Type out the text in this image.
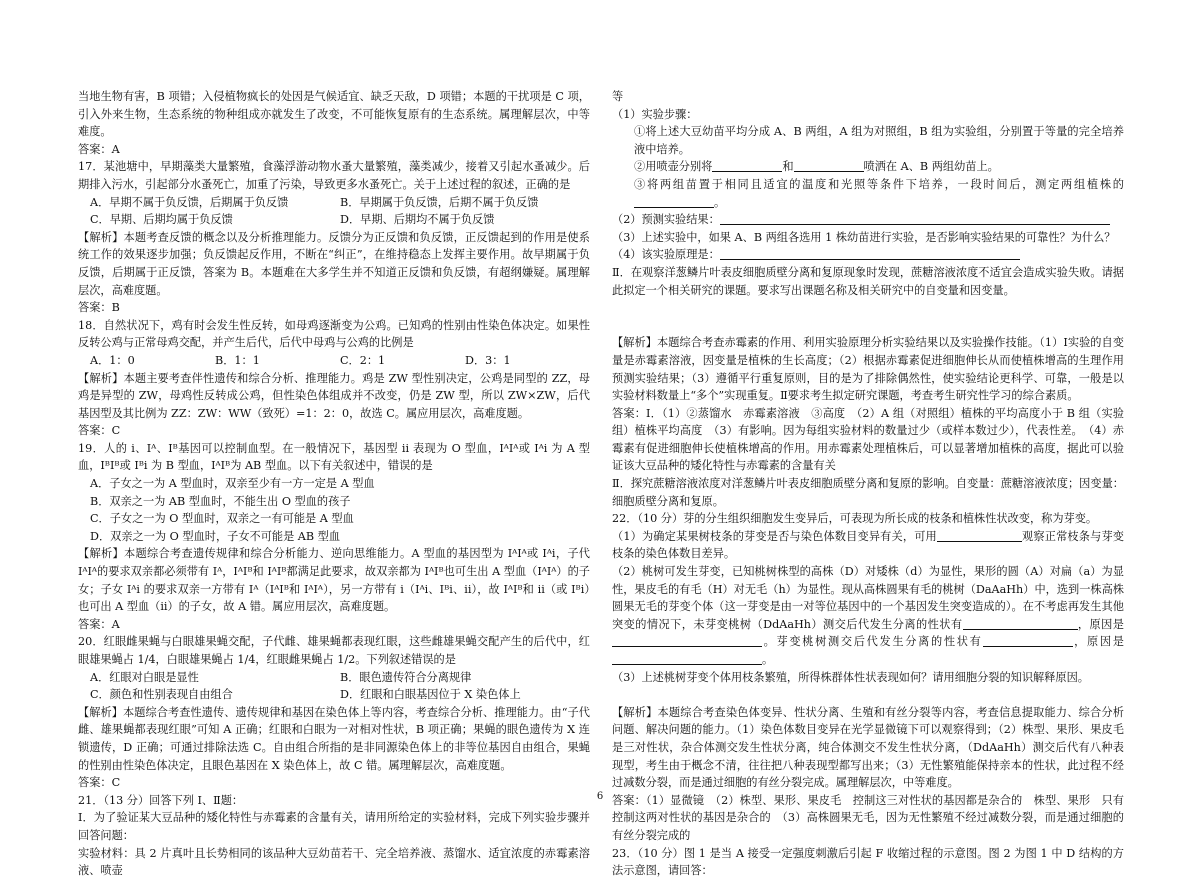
当地生物有害，B 项错；入侵植物疯长的处因是气候适宜、缺乏天敌，D 项错；本题的干扰项是 C 项，引入外来生物，生态系统的物种组成亦就发生了改变，不可能恢复原有的生态系统。属理解层次，中等难度。

答案：A

17．某池塘中，早期藻类大量繁殖，食藻浮游动物水蚤大量繁殖，藻类减少，接着又引起水蚤减少。后期排入污水，引起部分水蚤死亡，加重了污染，导致更多水蚤死亡。关于上述过程的叙述，正确的是

A．早期不属于负反馈，后期属于负反馈	B．早期属于负反馈，后期不属于负反馈
C．早期、后期均属于负反馈	D．早期、后期均不属于负反馈

【解析】本题考查反馈的概念以及分析推理能力。反馈分为正反馈和负反馈，正反馈起到的作用是使系统工作的效果逐步加强；负反馈起反作用，不断在“纠正”，在维持稳态上发挥主要作用。故早期属于负反馈，后期属于正反馈，答案为 B。本题难在大多学生并不知道正反馈和负反馈，有超纲嫌疑。属理解层次，高难度题。

答案：B

18．自然状况下，鸡有时会发生性反转，如母鸡逐渐变为公鸡。已知鸡的性别由性染色体决定。如果性反转公鸡与正常母鸡交配，并产生后代，后代中母鸡与公鸡的比例是

A．1：0	B．1：1	C．2：1	D．3：1

【解析】本题主要考查伴性遗传和综合分析、推理能力。鸡是 ZW 型性别决定，公鸡是同型的 ZZ，母鸡是异型的 ZW，母鸡性反转成公鸡，但性染色体组成并不改变，仍是 ZW 型，所以 ZW×ZW，后代基因型及其比例为 ZZ：ZW：WW（致死）=1：2：0，故选 C。属应用层次，高难度题。

答案：C

19．人的 i、Iᴬ、Iᴮ基因可以控制血型。在一般情况下，基因型 ii 表现为 O 型血，IᴬIᴬ或 Iᴬi 为 A 型血，IᴮIᴮ或 Iᴮi 为 B 型血，IᴬIᴮ为 AB 型血。以下有关叙述中，错误的是

A．子女之一为 A 型血时，双亲至少有一方一定是 A 型血

B．双亲之一为 AB 型血时，不能生出 O 型血的孩子

C．子女之一为 O 型血时，双亲之一有可能是 A 型血

D．双亲之一为 O 型血时，子女不可能是 AB 型血

【解析】本题综合考查遗传规律和综合分析能力、逆向思维能力。A 型血的基因型为 IᴬIᴬ或 Iᴬi，子代 IᴬIᴬ的要求双亲都必须带有 Iᴬ，IᴬIᴮ和 IᴬIᴮ都满足此要求，故双亲都为 IᴬIᴮ也可生出 A 型血（IᴬIᴬ）的子女；子女 Iᴬi 的要求双亲一方带有 Iᴬ（IᴬIᴮ和 IᴬIᴬ），另一方带有 i（Iᴬi、Iᴮi、ii），故 IᴬIᴮ和 ii（或 Iᴮi）也可出 A 型血（ii）的子女，故 A 错。属应用层次，高难度题。

答案：A

20．红眼雌果蝇与白眼雄果蝇交配，子代雌、雄果蝇都表现红眼，这些雌雄果蝇交配产生的后代中，红眼雄果蝇占 1/4，白眼雄果蝇占 1/4，红眼雌果蝇占 1/2。下列叙述错误的是

A．红眼对白眼是显性	B．眼色遗传符合分离规律
C．颜色和性别表现自由组合	D．红眼和白眼基因位于 X 染色体上

【解析】本题综合考查性遗传、遗传规律和基因在染色体上等内容，考查综合分析、推理能力。由“子代雌、雄果蝇都表现红眼”可知 A 正确；红眼和白眼为一对相对性状，B 项正确；果蝇的眼色遗传为 X 连锁遗传，D 正确；可通过排除法选 C。自由组合所指的是非同源染色体上的非等位基因自由组合，果蝇的性别由性染色体决定，且眼色基因在 X 染色体上，故 C 错。属理解层次，高难度题。

答案：C

21．（13 分）回答下列 Ⅰ、Ⅱ题：

Ⅰ．为了验证某大豆品种的矮化特性与赤霉素的含量有关，请用所给定的实验材料，完成下列实验步骤并回答问题：

实验材料：具 2 片真叶且长势相同的该品种大豆幼苗若干、完全培养液、蒸馏水、适宜浓度的赤霉素溶液、喷壶

等

（1）实验步骤：

①将上述大豆幼苗平均分成 A、B 两组，A 组为对照组，B 组为实验组，分别置于等量的完全培养液中培养。

②用喷壶分别将	和	喷洒在 A、B 两组幼苗上。

③将两组苗置于相同且适宜的温度和光照等条件下培养，一段时间后，测定两组植株的。

（2）预测实验结果：

（3）上述实验中，如果 A、B 两组各选用 1 株幼苗进行实验，是否影响实验结果的可靠性？为什么？

（4）该实验原理是：

Ⅱ．在观察洋葱鳞片叶表皮细胞质壁分离和复原现象时发现，蔗糖溶液浓度不适宜会造成实验失败。请据此拟定一个相关研究的课题。要求写出课题名称及相关研究中的自变量和因变量。

【解析】本题综合考查赤霉素的作用、利用实验原理分析实验结果以及实验操作技能。（1）Ⅰ实验的自变量是赤霉素溶液，因变量是植株的生长高度；（2）根据赤霉素促进细胞伸长从而使植株增高的生理作用预测实验结果；（3）遵循平行重复原则，目的是为了排除偶然性，使实验结论更科学、可靠，一般是以实验材料数量上“多个”实现重复。Ⅱ要求考生拟定研究课题，考查考生研究性学习的综合素质。

答案：Ⅰ．（1）②蒸馏水　赤霉素溶液　③高度　（2）A 组（对照组）植株的平均高度小于 B 组（实验组）植株平均高度　（3）有影响。因为每组实验材料的数量过少（或样本数过少），代表性差。　（4）赤霉素有促进细胞伸长使植株增高的作用。用赤霉素处理植株后，可以显著增加植株的高度，据此可以验证该大豆品种的矮化特性与赤霉素的含量有关

Ⅱ．探究蔗糖溶液浓度对洋葱鳞片叶表皮细胞质壁分离和复原的影响。自变量：蔗糖溶液浓度；因变量：细胞质壁分离和复原。

22．（10 分）芽的分生组织细胞发生变异后，可表现为所长成的枝条和植株性状改变，称为芽变。

（1）为确定某果树枝条的芽变是否与染色体数目变异有关，可用	观察正常枝条与芽变枝条的染色体数目差异。

（2）桃树可发生芽变，已知桃树株型的高株（D）对矮株（d）为显性，果形的圆（A）对扁（a）为显性，果皮毛的有毛（H）对无毛（h）为显性。现从高株圆果有毛的桃树（DaAaHh）中，选到一株高株圆果无毛的芽变个体（这一芽变是由一对等位基因中的一个基因发生突变造成的）。在不考虑再发生其他突变的情况下，未芽变桃树（DdAaHh）测交后代发生分离的性状有	，原因是。芽变桃树测交后代发生分离的性状有	，原因是。

（3）上述桃树芽变个体用枝条繁殖，所得株群体性状表现如何？请用细胞分裂的知识解释原因。

【解析】本题综合考查染色体变异、性状分离、生殖和有丝分裂等内容，考查信息提取能力、综合分析问题、解决问题的能力。（1）染色体数目变异在光学显微镜下可以观察得到；（2）株型、果形、果皮毛是三对性状，杂合体测交发生性状分离，纯合体测交不发生性状分离，（DdAaHh）测交后代有八种表现型，考生由于概念不清，往往把八种表现型都写出来；（3）无性繁殖能保持亲本的性状，此过程不经过减数分裂，而是通过细胞的有丝分裂完成。属理解层次，中等难度。

答案：（1）显微镜　（2）株型、果形、果皮毛　控制这三对性状的基因都是杂合的　株型、果形　只有控制这两对性状的基因是杂合的　（3）高株圆果无毛，因为无性繁殖不经过减数分裂，而是通过细胞的有丝分裂完成的

23．（10 分）图 1 是当 A 接受一定强度刺激后引起 F 收缩过程的示意图。图 2 为图 1 中 D 结构的方法示意图，请回答：

6
